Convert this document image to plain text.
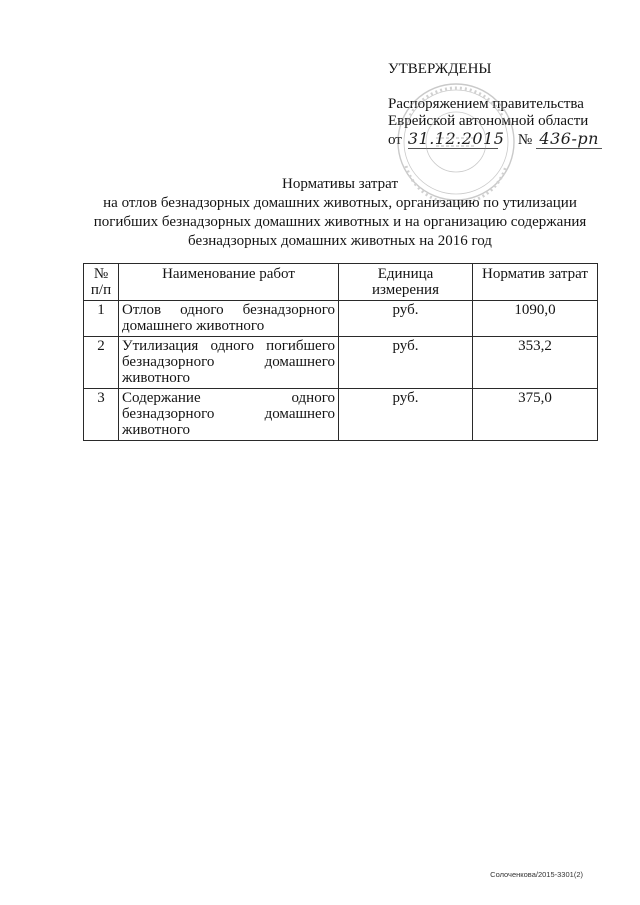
УТВЕРЖДЕНЫ
Распоряжением правительства
Еврейской автономной области
от 31.12.2015 № 436-рп
Нормативы затрат
на отлов безнадзорных домашних животных, организацию по утилизации
погибших безнадзорных домашних животных и на организацию содержания
безнадзорных домашних животных на 2016 год
№ п/п	Наименование работ	Единица измерения	Норматив затрат
1	Отлов одного безнадзорного домашнего животного	руб.	1090,0
2	Утилизация одного погибшего безнадзорного домашнего животного	руб.	353,2
3	Содержание одного безнадзорного домашнего животного	руб.	375,0
Солоченкова/2015-3301(2)
